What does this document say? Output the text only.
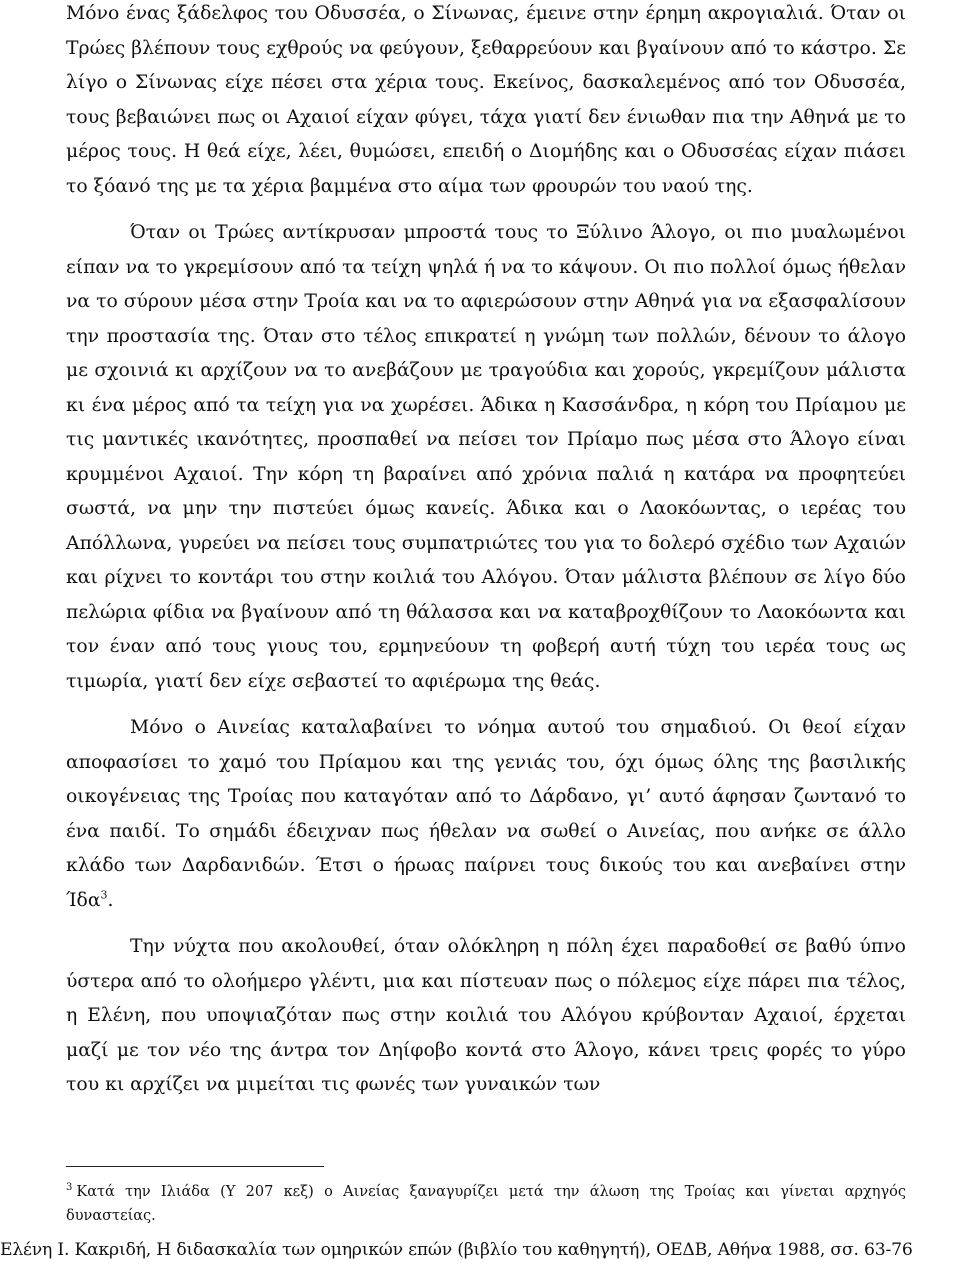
Μόνο ένας ξάδελφος του Οδυσσέα, ο Σίνωνας, έμεινε στην έρημη ακρογιαλιά. Όταν οι Τρώες βλέπουν τους εχθρούς να φεύγουν, ξεθαρρεύουν και βγαίνουν από το κάστρο. Σε λίγο ο Σίνωνας είχε πέσει στα χέρια τους. Εκείνος, δασκαλεμένος από τον Οδυσσέα, τους βεβαιώνει πως οι Αχαιοί είχαν φύγει, τάχα γιατί δεν ένιωθαν πια την Αθηνά με το μέρος τους. Η θεά είχε, λέει, θυμώσει, επειδή ο Διομήδης και ο Οδυσσέας είχαν πιάσει το ξόανό της με τα χέρια βαμμένα στο αίμα των φρουρών του ναού της.

Όταν οι Τρώες αντίκρυσαν μπροστά τους το Ξύλινο Άλογο, οι πιο μυαλωμένοι είπαν να το γκρεμίσουν από τα τείχη ψηλά ή να το κάψουν. Οι πιο πολλοί όμως ήθελαν να το σύρουν μέσα στην Τροία και να το αφιερώσουν στην Αθηνά για να εξασφαλίσουν την προστασία της. Όταν στο τέλος επικρατεί η γνώμη των πολλών, δένουν το άλογο με σχοινιά κι αρχίζουν να το ανεβάζουν με τραγούδια και χορούς, γκρεμίζουν μάλιστα κι ένα μέρος από τα τείχη για να χωρέσει. Άδικα η Κασσάνδρα, η κόρη του Πρίαμου με τις μαντικές ικανότητες, προσπαθεί να πείσει τον Πρίαμο πως μέσα στο Άλογο είναι κρυμμένοι Αχαιοί. Την κόρη τη βαραίνει από χρόνια παλιά η κατάρα να προφητεύει σωστά, να μην την πιστεύει όμως κανείς. Άδικα και ο Λαοκόωντας, ο ιερέας του Απόλλωνα, γυρεύει να πείσει τους συμπατριώτες του για το δολερό σχέδιο των Αχαιών και ρίχνει το κοντάρι του στην κοιλιά του Αλόγου. Όταν μάλιστα βλέπουν σε λίγο δύο πελώρια φίδια να βγαίνουν από τη θάλασσα και να καταβροχθίζουν το Λαοκόωντα και τον έναν από τους γιους του, ερμηνεύουν τη φοβερή αυτή τύχη του ιερέα τους ως τιμωρία, γιατί δεν είχε σεβαστεί το αφιέρωμα της θεάς.

Μόνο ο Αινείας καταλαβαίνει το νόημα αυτού του σημαδιού. Οι θεοί είχαν αποφασίσει το χαμό του Πρίαμου και της γενιάς του, όχι όμως όλης της βασιλικής οικογένειας της Τροίας που καταγόταν από το Δάρδανο, γι’ αυτό άφησαν ζωντανό το ένα παιδί. Το σημάδι έδειχναν πως ήθελαν να σωθεί ο Αινείας, που ανήκε σε άλλο κλάδο των Δαρδανιδών. Έτσι ο ήρωας παίρνει τους δικούς του και ανεβαίνει στην Ίδα$^3$.

Την νύχτα που ακολουθεί, όταν ολόκληρη η πόλη έχει παραδοθεί σε βαθύ ύπνο ύστερα από το ολοήμερο γλέντι, μια και πίστευαν πως ο πόλεμος είχε πάρει πια τέλος, η Ελένη, που υποψιαζόταν πως στην κοιλιά του Αλόγου κρύβονταν Αχαιοί, έρχεται μαζί με τον νέο της άντρα τον Δηίφοβο κοντά στο Άλογο, κάνει τρεις φορές το γύρο του κι αρχίζει να μιμείται τις φωνές των γυναικών των

$^3$ Κατά την Ιλιάδα (Υ 207 κεξ) ο Αινείας ξαναγυρίζει μετά την άλωση της Τροίας και γίνεται αρχηγός δυναστείας.

Ελένη Ι. Κακριδή, Η διδασκαλία των ομηρικών επών (βιβλίο του καθηγητή), ΟΕΔΒ, Αθήνα 1988, σσ. 63-76
